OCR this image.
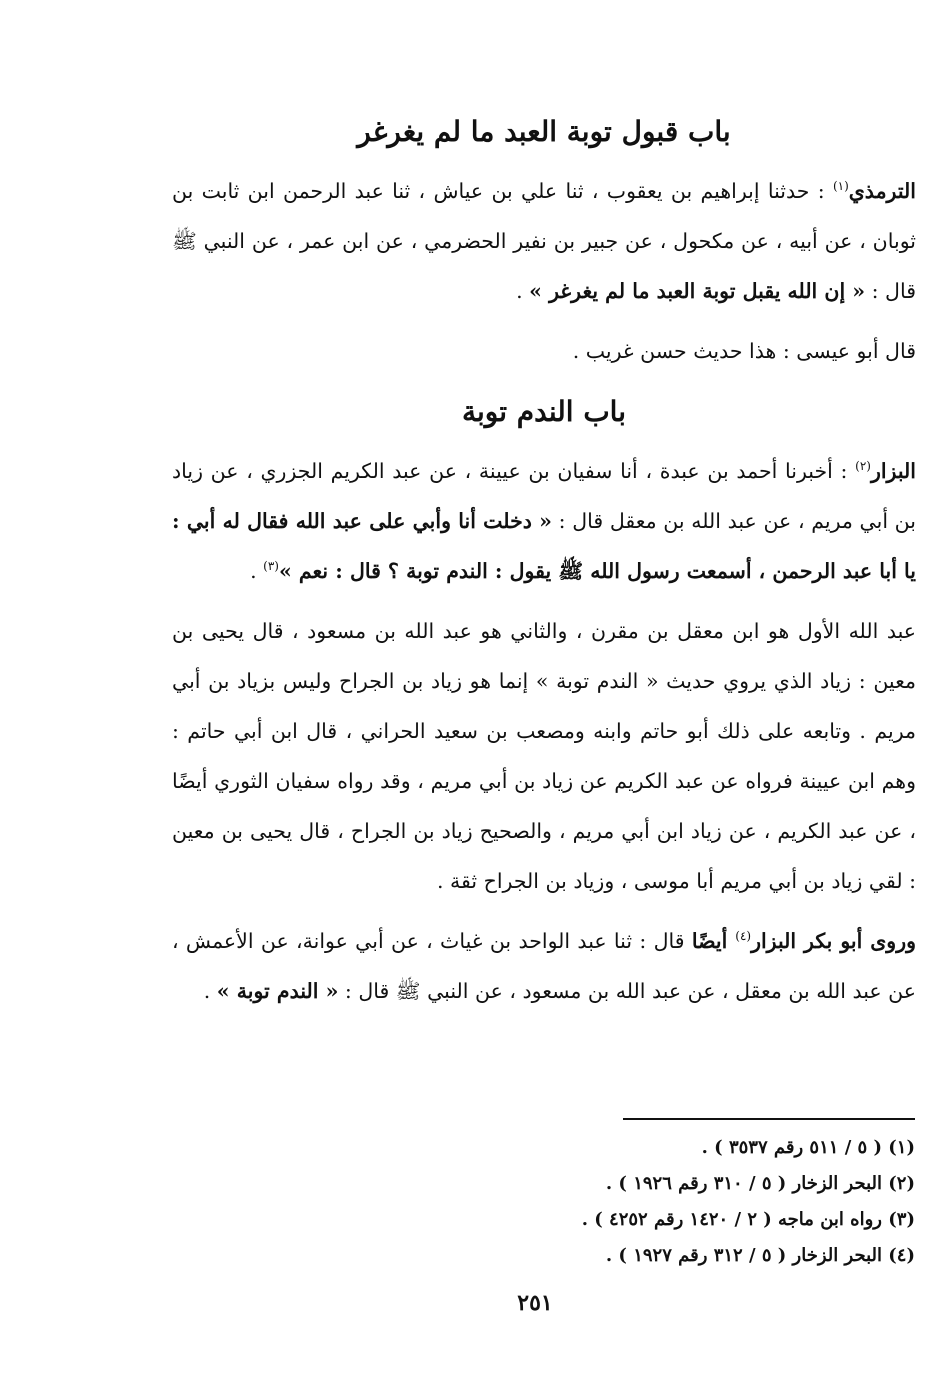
باب قبول توبة العبد ما لم يغرغر

الترمذي$^{(١)}$ : حدثنا إبراهيم بن يعقوب ، ثنا علي بن عياش ، ثنا عبد الرحمن ابن ثابت بن ثوبان ، عن أبيه ، عن مكحول ، عن جبير بن نفير الحضرمي ، عن ابن عمر ، عن النبي ﷺ قال : « إن الله يقبل توبة العبد ما لم يغرغر » .

قال أبو عيسى : هذا حديث حسن غريب .

باب الندم توبة

البزار$^{(٢)}$ : أخبرنا أحمد بن عبدة ، أنا سفيان بن عيينة ، عن عبد الكريم الجزري ، عن زياد بن أبي مريم ، عن عبد الله بن معقل قال : « دخلت أنا وأبي على عبد الله فقال له أبي : يا أبا عبد الرحمن ، أسمعت رسول الله ﷺ يقول : الندم توبة ؟ قال : نعم »$^{(٣)}$ .

عبد الله الأول هو ابن معقل بن مقرن ، والثاني هو عبد الله بن مسعود ، قال يحيى بن معين : زياد الذي يروي حديث « الندم توبة » إنما هو زياد بن الجراح وليس بزياد بن أبي مريم . وتابعه على ذلك أبو حاتم وابنه ومصعب بن سعيد الحراني ، قال ابن أبي حاتم : وهم ابن عيينة فرواه عن عبد الكريم عن زياد بن أبي مريم ، وقد رواه سفيان الثوري أيضًا ، عن عبد الكريم ، عن زياد ابن أبي مريم ، والصحيح زياد بن الجراح ، قال يحيى بن معين : لقي زياد بن أبي مريم أبا موسى ، وزياد بن الجراح ثقة .

وروى أبو بكر البزار$^{(٤)}$ أيضًا قال : ثنا عبد الواحد بن غياث ، عن أبي عوانة، عن الأعمش ، عن عبد الله بن معقل ، عن عبد الله بن مسعود ، عن النبي ﷺ قال : « الندم توبة » .

(١) ( ٥ / ٥١١ رقم ٣٥٣٧ ) .
(٢) البحر الزخار ( ٥ / ٣١٠ رقم ١٩٢٦ ) .
(٣) رواه ابن ماجه ( ٢ / ١٤٢٠ رقم ٤٢٥٢ ) .
(٤) البحر الزخار ( ٥ / ٣١٢ رقم ١٩٢٧ ) .
٢٥١
